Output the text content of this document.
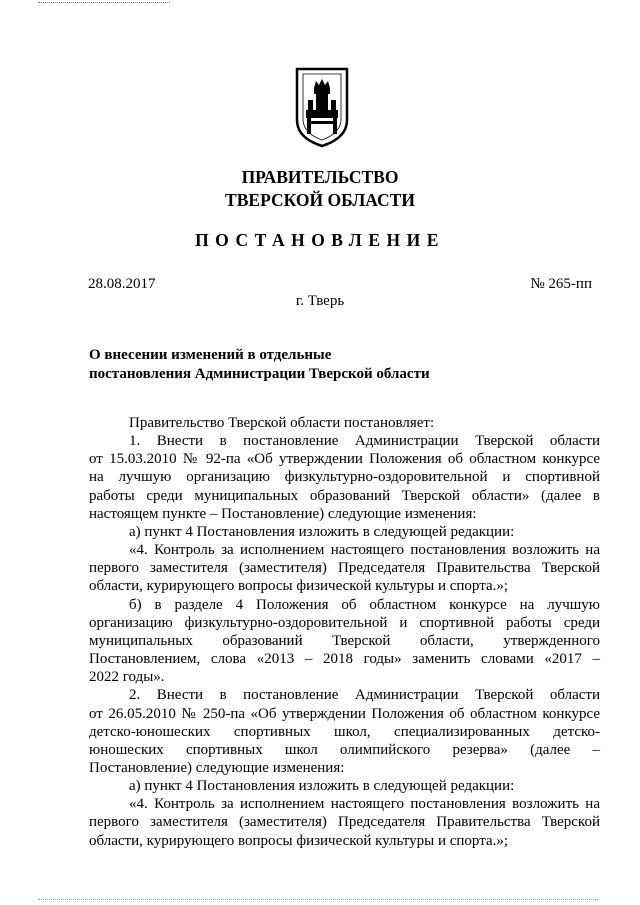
ПРАВИТЕЛЬСТВО
ТВЕРСКОЙ ОБЛАСТИ
ПОСТАНОВЛЕНИЕ
28.08.2017	№ 265-пп
г. Тверь
О внесении изменений в отдельные
постановления Администрации Тверской области

Правительство Тверской области постановляет:

1. Внести в постановление Администрации Тверской области

от 15.03.2010 № 92-па «Об утверждении Положения об областном конкурсе

на лучшую организацию физкультурно-оздоровительной и спортивной

работы среди муниципальных образований Тверской области» (далее в

настоящем пункте – Постановление) следующие изменения:

а) пункт 4 Постановления изложить в следующей редакции:

«4. Контроль за исполнением настоящего постановления возложить на

первого заместителя (заместителя) Председателя Правительства Тверской

области, курирующего вопросы физической культуры и спорта.»;

б) в разделе 4 Положения об областном конкурсе на лучшую

организацию физкультурно-оздоровительной и спортивной работы среди

муниципальных образований Тверской области, утвержденного

Постановлением, слова «2013 – 2018 годы» заменить словами «2017 –

2022 годы».

2. Внести в постановление Администрации Тверской области

от 26.05.2010 № 250-па «Об утверждении Положения об областном конкурсе

детско-юношеских спортивных школ, специализированных детско-

юношеских спортивных школ олимпийского резерва» (далее –

Постановление) следующие изменения:

а) пункт 4 Постановления изложить в следующей редакции:

«4. Контроль за исполнением настоящего постановления возложить на

первого заместителя (заместителя) Председателя Правительства Тверской

области, курирующего вопросы физической культуры и спорта.»;
